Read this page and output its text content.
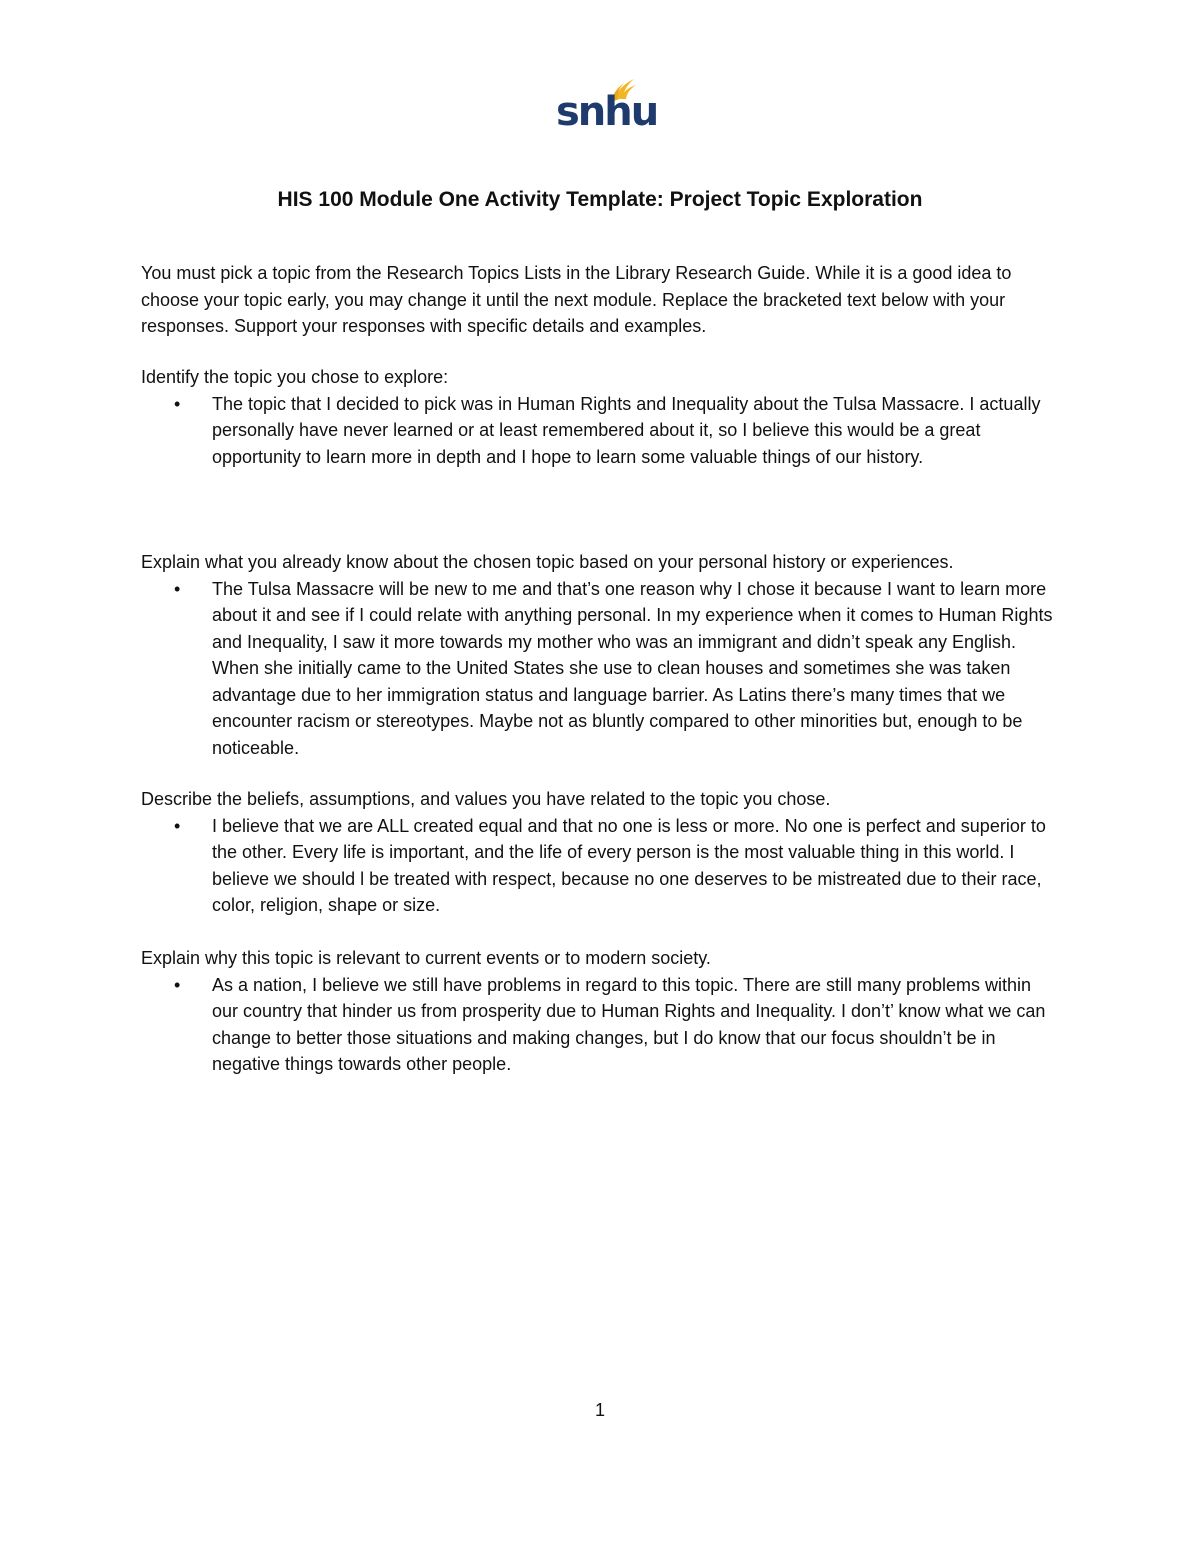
snhu
HIS 100 Module One Activity Template: Project Topic Exploration
You must pick a topic from the Research Topics Lists in the Library Research Guide. While it is a good idea to choose your topic early, you may change it until the next module. Replace the bracketed text below with your responses. Support your responses with specific details and examples.

Identify the topic you chose to explore:

• The topic that I decided to pick was in Human Rights and Inequality about the Tulsa Massacre. I actually personally have never learned or at least remembered about it, so I believe this would be a great opportunity to learn more in depth and I hope to learn some valuable things of our history.

Explain what you already know about the chosen topic based on your personal history or experiences.

• The Tulsa Massacre will be new to me and that’s one reason why I chose it because I want to learn more about it and see if I could relate with anything personal. In my experience when it comes to Human Rights and Inequality, I saw it more towards my mother who was an immigrant and didn’t speak any English. When she initially came to the United States she use to clean houses and sometimes she was taken advantage due to her immigration status and language barrier. As Latins there’s many times that we encounter racism or stereotypes. Maybe not as bluntly compared to other minorities but, enough to be noticeable.

Describe the beliefs, assumptions, and values you have related to the topic you chose.

• I believe that we are ALL created equal and that no one is less or more. No one is perfect and superior to the other. Every life is important, and the life of every person is the most valuable thing in this world. I believe we should l be treated with respect, because no one deserves to be mistreated due to their race, color, religion, shape or size.

Explain why this topic is relevant to current events or to modern society.

• As a nation, I believe we still have problems in regard to this topic. There are still many problems within our country that hinder us from prosperity due to Human Rights and Inequality. I don’t’ know what we can change to better those situations and making changes, but I do know that our focus shouldn’t be in negative things towards other people.
1
